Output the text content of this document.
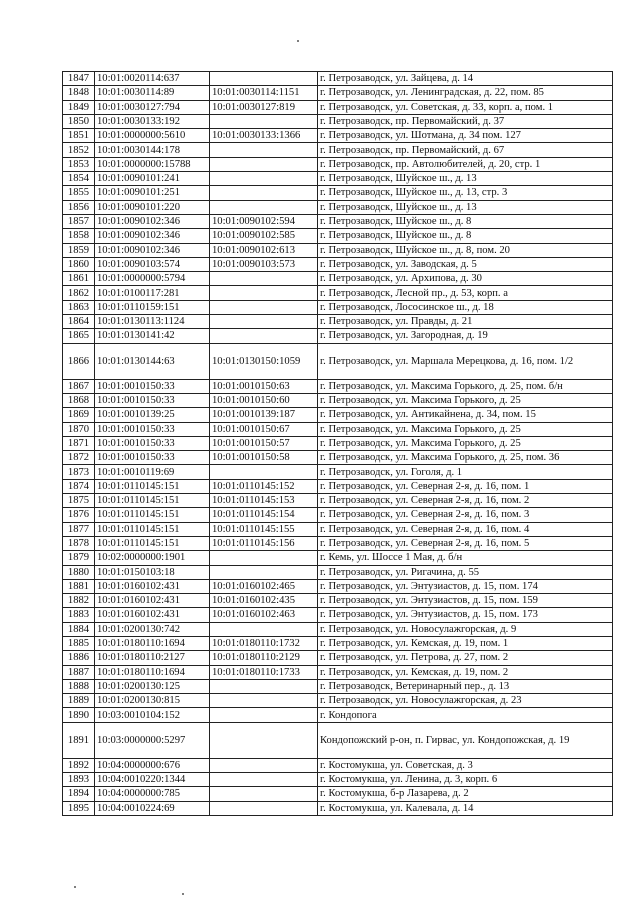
1847	10:01:0020114:637		г. Петрозаводск, ул. Зайцева, д. 14
1848	10:01:0030114:89	10:01:0030114:1151	г. Петрозаводск, ул. Ленинградская, д. 22, пом. 85
1849	10:01:0030127:794	10:01:0030127:819	г. Петрозаводск, ул. Советская, д. 33, корп. а, пом. 1
1850	10:01:0030133:192		г. Петрозаводск, пр. Первомайский, д. 37
1851	10:01:0000000:5610	10:01:0030133:1366	г. Петрозаводск, ул. Шотмана, д. 34 пом. 127
1852	10:01:0030144:178		г. Петрозаводск, пр. Первомайский, д. 67
1853	10:01:0000000:15788		г. Петрозаводск, пр. Автолюбителей, д. 20, стр. 1
1854	10:01:0090101:241		г. Петрозаводск, Шуйское ш., д. 13
1855	10:01:0090101:251		г. Петрозаводск, Шуйское ш., д. 13, стр. 3
1856	10:01:0090101:220		г. Петрозаводск, Шуйское ш., д. 13
1857	10:01:0090102:346	10:01:0090102:594	г. Петрозаводск, Шуйское ш., д. 8
1858	10:01:0090102:346	10:01:0090102:585	г. Петрозаводск, Шуйское ш., д. 8
1859	10:01:0090102:346	10:01:0090102:613	г. Петрозаводск, Шуйское ш., д. 8, пом. 20
1860	10:01:0090103:574	10:01:0090103:573	г. Петрозаводск, ул. Заводская, д. 5
1861	10:01:0000000:5794		г. Петрозаводск, ул. Архипова, д. 30
1862	10:01:0100117:281		г. Петрозаводск, Лесной пр., д. 53, корп. а
1863	10:01:0110159:151		г. Петрозаводск, Лососинское ш., д. 18
1864	10:01:0130113:1124		г. Петрозаводск, ул. Правды, д. 21
1865	10:01:0130141:42		г. Петрозаводск, ул. Загородная, д. 19
1866	10:01:0130144:63	10:01:0130150:1059	г. Петрозаводск, ул. Маршала Мерецкова, д. 16, пом. 1/2
1867	10:01:0010150:33	10:01:0010150:63	г. Петрозаводск, ул. Максима Горького, д. 25, пом. б/н
1868	10:01:0010150:33	10:01:0010150:60	г. Петрозаводск, ул. Максима Горького, д. 25
1869	10:01:0010139:25	10:01:0010139:187	г. Петрозаводск, ул. Антикайнена, д. 34, пом. 15
1870	10:01:0010150:33	10:01:0010150:67	г. Петрозаводск, ул. Максима Горького, д. 25
1871	10:01:0010150:33	10:01:0010150:57	г. Петрозаводск, ул. Максима Горького, д. 25
1872	10:01:0010150:33	10:01:0010150:58	г. Петрозаводск, ул. Максима Горького, д. 25, пом. 36
1873	10:01:0010119:69		г. Петрозаводск, ул. Гоголя, д. 1
1874	10:01:0110145:151	10:01:0110145:152	г. Петрозаводск, ул. Северная 2-я, д. 16, пом. 1
1875	10:01:0110145:151	10:01:0110145:153	г. Петрозаводск, ул. Северная 2-я, д. 16, пом. 2
1876	10:01:0110145:151	10:01:0110145:154	г. Петрозаводск, ул. Северная 2-я, д. 16, пом. 3
1877	10:01:0110145:151	10:01:0110145:155	г. Петрозаводск, ул. Северная 2-я, д. 16, пом. 4
1878	10:01:0110145:151	10:01:0110145:156	г. Петрозаводск, ул. Северная 2-я, д. 16, пом. 5
1879	10:02:0000000:1901		г. Кемь, ул. Шоссе 1 Мая, д. б/н
1880	10:01:0150103:18		г. Петрозаводск, ул. Ригачина, д. 55
1881	10:01:0160102:431	10:01:0160102:465	г. Петрозаводск, ул. Энтузиастов, д. 15, пом. 174
1882	10:01:0160102:431	10:01:0160102:435	г. Петрозаводск, ул. Энтузиастов, д. 15, пом. 159
1883	10:01:0160102:431	10:01:0160102:463	г. Петрозаводск, ул. Энтузиастов, д. 15, пом. 173
1884	10:01:0200130:742		г. Петрозаводск, ул. Новосулажгорская, д. 9
1885	10:01:0180110:1694	10:01:0180110:1732	г. Петрозаводск, ул. Кемская, д. 19, пом. 1
1886	10:01:0180110:2127	10:01:0180110:2129	г. Петрозаводск, ул. Петрова, д. 27, пом. 2
1887	10:01:0180110:1694	10:01:0180110:1733	г. Петрозаводск, ул. Кемская, д. 19, пом. 2
1888	10:01:0200130:125		г. Петрозаводск, Ветеринарный пер., д. 13
1889	10:01:0200130:815		г. Петрозаводск, ул. Новосулажгорская, д. 23
1890	10:03:0010104:152		г. Кондопога
1891	10:03:0000000:5297		Кондопожский р-он, п. Гирвас, ул. Кондопожская, д. 19
1892	10:04:0000000:676		г. Костомукша, ул. Советская, д. 3
1893	10:04:0010220:1344		г. Костомукша, ул. Ленина, д. 3, корп. 6
1894	10:04:0000000:785		г. Костомукша, б-р Лазарева, д. 2
1895	10:04:0010224:69		г. Костомукша, ул. Калевала, д. 14
